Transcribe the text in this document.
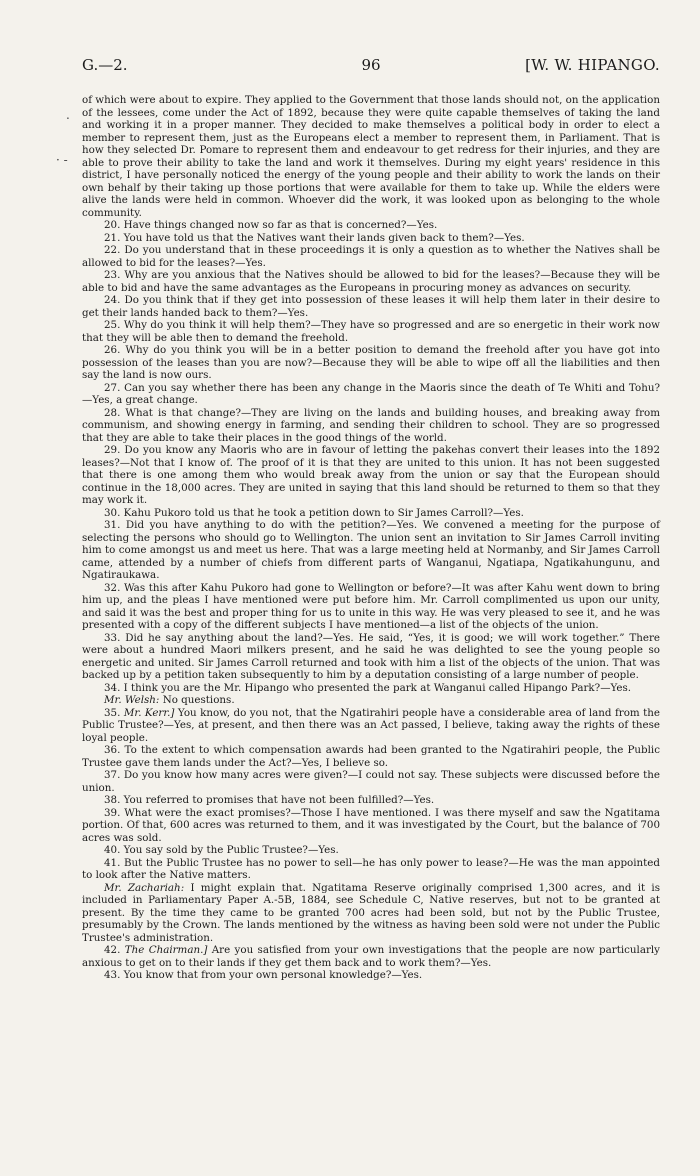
G.—2.	96	[W. W. HIPANGO.
.
· -

of which were about to expire. They applied to the Government that those lands should not, on the application of the lessees, come under the Act of 1892, because they were quite capable themselves of taking the land and working it in a proper manner. They decided to make themselves a political body in order to elect a member to represent them, just as the Europeans elect a member to represent them, in Parliament. That is how they selected Dr. Pomare to represent them and endeavour to get redress for their injuries, and they are able to prove their ability to take the land and work it themselves. During my eight years' residence in this district, I have personally noticed the energy of the young people and their ability to work the lands on their own behalf by their taking up those portions that were available for them to take up. While the elders were alive the lands were held in common. Whoever did the work, it was looked upon as belonging to the whole community.

20. Have things changed now so far as that is concerned?—Yes.

21. You have told us that the Natives want their lands given back to them?—Yes.

22. Do you understand that in these proceedings it is only a question as to whether the Natives shall be allowed to bid for the leases?—Yes.

23. Why are you anxious that the Natives should be allowed to bid for the leases?—Because they will be able to bid and have the same advantages as the Europeans in procuring money as advances on security.

24. Do you think that if they get into possession of these leases it will help them later in their desire to get their lands handed back to them?—Yes.

25. Why do you think it will help them?—They have so progressed and are so energetic in their work now that they will be able then to demand the freehold.

26. Why do you think you will be in a better position to demand the freehold after you have got into possession of the leases than you are now?—Because they will be able to wipe off all the liabilities and then say the land is now ours.

27. Can you say whether there has been any change in the Maoris since the death of Te Whiti and Tohu?—Yes, a great change.

28. What is that change?—They are living on the lands and building houses, and breaking away from communism, and showing energy in farming, and sending their children to school. They are so progressed that they are able to take their places in the good things of the world.

29. Do you know any Maoris who are in favour of letting the pakehas convert their leases into the 1892 leases?—Not that I know of. The proof of it is that they are united to this union. It has not been suggested that there is one among them who would break away from the union or say that the European should continue in the 18,000 acres. They are united in saying that this land should be returned to them so that they may work it.

30. Kahu Pukoro told us that he took a petition down to Sir James Carroll?—Yes.

31. Did you have anything to do with the petition?—Yes. We convened a meeting for the purpose of selecting the persons who should go to Wellington. The union sent an invitation to Sir James Carroll inviting him to come amongst us and meet us here. That was a large meeting held at Normanby, and Sir James Carroll came, attended by a number of chiefs from different parts of Wanganui, Ngatiapa, Ngatikahungunu, and Ngatiraukawa.

32. Was this after Kahu Pukoro had gone to Wellington or before?—It was after Kahu went down to bring him up, and the pleas I have mentioned were put before him. Mr. Carroll complimented us upon our unity, and said it was the best and proper thing for us to unite in this way. He was very pleased to see it, and he was presented with a copy of the different subjects I have mentioned—a list of the objects of the union.

33. Did he say anything about the land?—Yes. He said, “Yes, it is good; we will work together.” There were about a hundred Maori milkers present, and he said he was delighted to see the young people so energetic and united. Sir James Carroll returned and took with him a list of the objects of the union. That was backed up by a petition taken subsequently to him by a deputation consisting of a large number of people.

34. I think you are the Mr. Hipango who presented the park at Wanganui called Hipango Park?—Yes.

Mr. Welsh: No questions.

35. Mr. Kerr.] You know, do you not, that the Ngatirahiri people have a considerable area of land from the Public Trustee?—Yes, at present, and then there was an Act passed, I believe, taking away the rights of these loyal people.

36. To the extent to which compensation awards had been granted to the Ngatirahiri people, the Public Trustee gave them lands under the Act?—Yes, I believe so.

37. Do you know how many acres were given?—I could not say. These subjects were discussed before the union.

38. You referred to promises that have not been fulfilled?—Yes.

39. What were the exact promises?—Those I have mentioned. I was there myself and saw the Ngatitama portion. Of that, 600 acres was returned to them, and it was investigated by the Court, but the balance of 700 acres was sold.

40. You say sold by the Public Trustee?—Yes.

41. But the Public Trustee has no power to sell—he has only power to lease?—He was the man appointed to look after the Native matters.

Mr. Zachariah: I might explain that. Ngatitama Reserve originally comprised 1,300 acres, and it is included in Parliamentary Paper A.-5B, 1884, see Schedule C, Native reserves, but not to be granted at present. By the time they came to be granted 700 acres had been sold, but not by the Public Trustee, presumably by the Crown. The lands mentioned by the witness as having been sold were not under the Public Trustee's administration.

42. The Chairman.] Are you satisfied from your own investigations that the people are now particularly anxious to get on to their lands if they get them back and to work them?—Yes.

43. You know that from your own personal knowledge?—Yes.
